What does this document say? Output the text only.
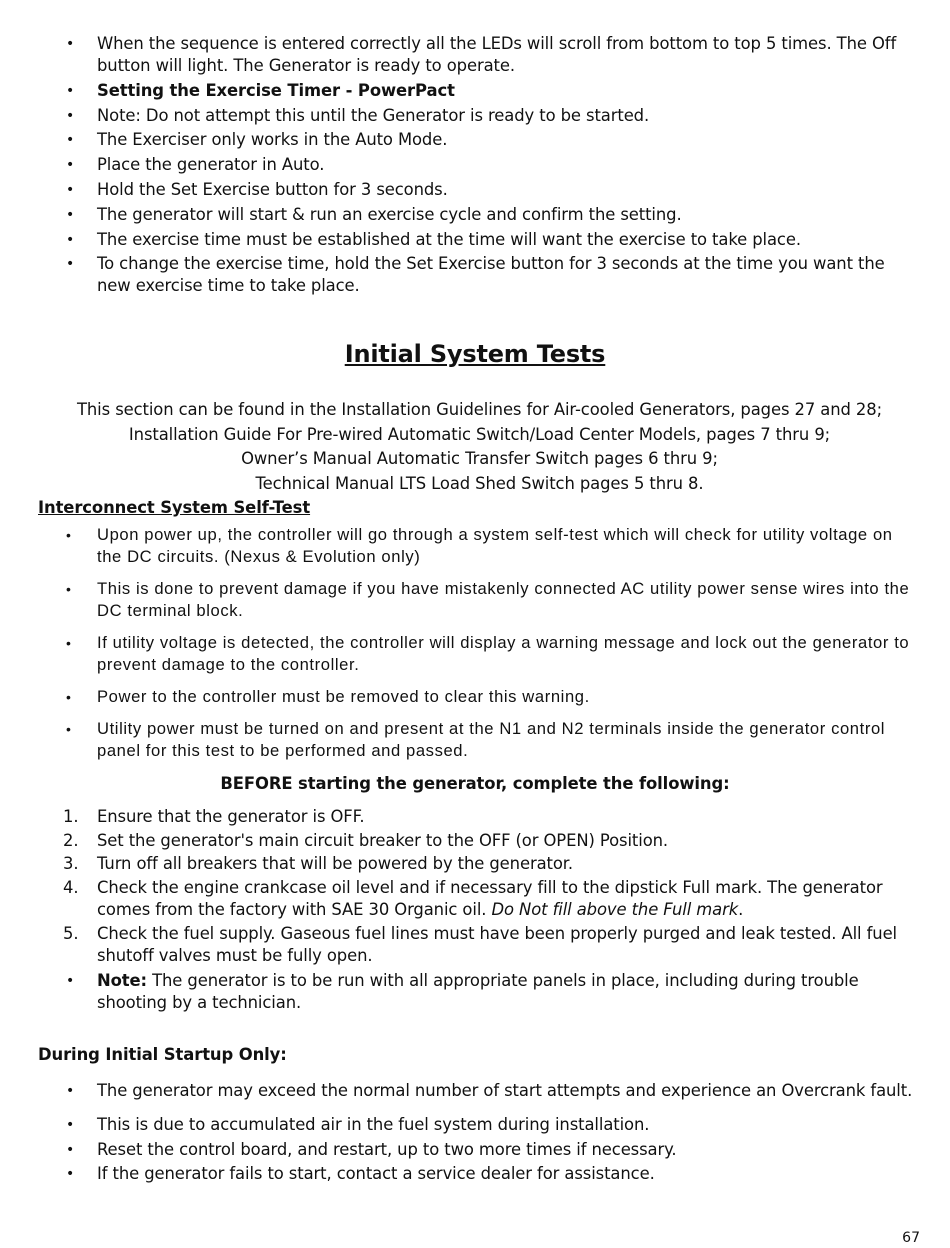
•	When the sequence is entered correctly all the LEDs will scroll from bottom to top 5 times. The Off button will light. The Generator is ready to operate.
•	Setting the Exercise Timer - PowerPact
•	Note: Do not attempt this until the Generator is ready to be started.
•	The Exerciser only works in the Auto Mode.
•	Place the generator in Auto.
•	Hold the Set Exercise button for 3 seconds.
•	The generator will start & run an exercise cycle and confirm the setting.
•	The exercise time must be established at the time will want the exercise to take place.
•	To change the exercise time, hold the Set Exercise button for 3 seconds at the time you want the new exercise time to take place.
Initial System Tests
This section can be found in the Installation Guidelines for Air-cooled Generators, pages 27 and 28;
Installation Guide For Pre-wired Automatic Switch/Load Center Models, pages 7 thru 9;
Owner’s Manual Automatic Transfer Switch pages 6 thru 9;
Technical Manual LTS Load Shed Switch pages 5 thru 8.
Interconnect System Self-Test
•	Upon power up, the controller will go through a system self-test which will check for utility voltage on the DC circuits. (Nexus & Evolution only)
•	This is done to prevent damage if you have mistakenly connected AC utility power sense wires into the DC terminal block.
•	If utility voltage is detected, the controller will display a warning message and lock out the generator to prevent damage to the controller.
•	Power to the controller must be removed to clear this warning.
•	Utility power must be turned on and present at the N1 and N2 terminals inside the generator control panel for this test to be performed and passed.
BEFORE starting the generator, complete the following:
1. Ensure that the generator is OFF.
2. Set the generator's main circuit breaker to the OFF (or OPEN) Position.
3. Turn off all breakers that will be powered by the generator.
4. Check the engine crankcase oil level and if necessary fill to the dipstick Full mark. The generator comes from the factory with SAE 30 Organic oil. Do Not fill above the Full mark.
5. Check the fuel supply. Gaseous fuel lines must have been properly purged and leak tested. All fuel shutoff valves must be fully open.
•	Note: The generator is to be run with all appropriate panels in place, including during trouble shooting by a technician.
During Initial Startup Only:
•	The generator may exceed the normal number of start attempts and experience an Overcrank fault.
•	This is due to accumulated air in the fuel system during installation.
•	Reset the control board, and restart, up to two more times if necessary.
•	If the generator fails to start, contact a service dealer for assistance.
67
